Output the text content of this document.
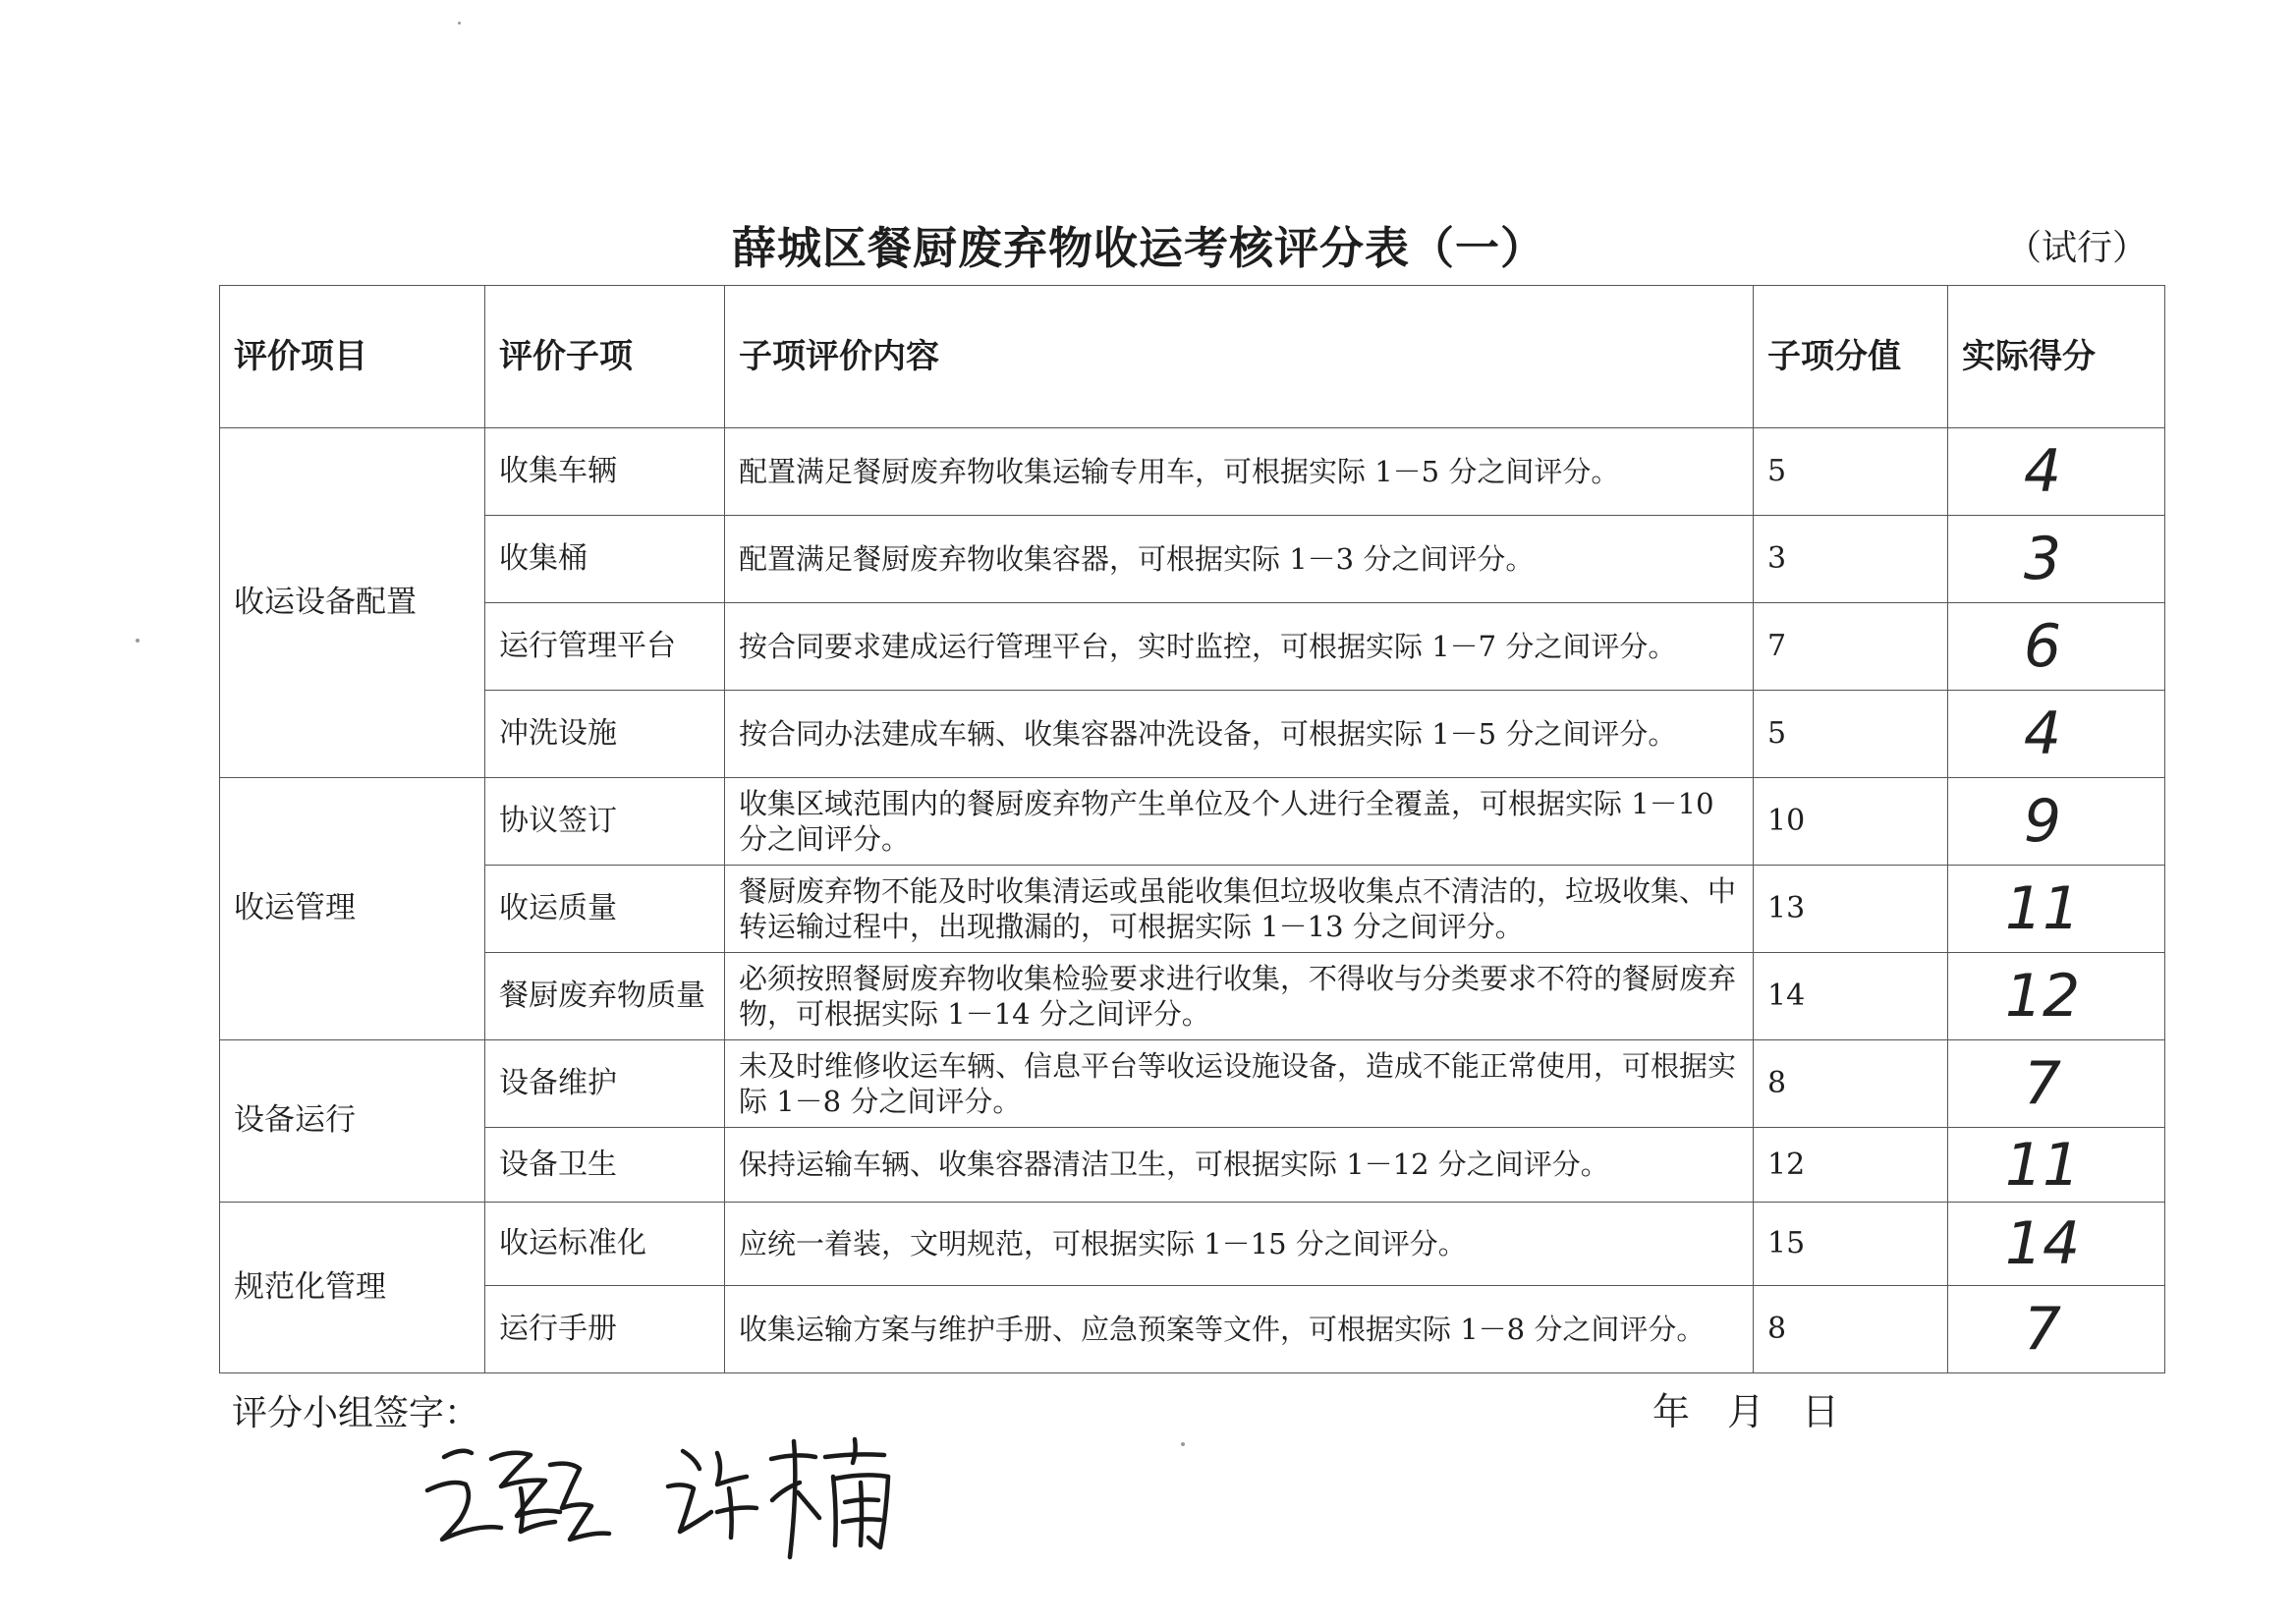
薛城区餐厨废弃物收运考核评分表（一）	（试行）
评价项目	评价子项	子项评价内容	子项分值	实际得分
收运设备配置	收集车辆	配置满足餐厨废弃物收集运输专用车，可根据实际 1－5 分之间评分。	5	4
	收集桶	配置满足餐厨废弃物收集容器，可根据实际 1－3 分之间评分。	3	3
	运行管理平台	按合同要求建成运行管理平台，实时监控，可根据实际 1－7 分之间评分。	7	6
	冲洗设施	按合同办法建成车辆、收集容器冲洗设备，可根据实际 1－5 分之间评分。	5	4
收运管理	协议签订	收集区域范围内的餐厨废弃物产生单位及个人进行全覆盖，可根据实际 1－10 分之间评分。	10	9
	收运质量	餐厨废弃物不能及时收集清运或虽能收集但垃圾收集点不清洁的，垃圾收集、中转运输过程中，出现撒漏的，可根据实际 1－13 分之间评分。	13	11
	餐厨废弃物质量	必须按照餐厨废弃物收集检验要求进行收集，不得收与分类要求不符的餐厨废弃物，可根据实际 1－14 分之间评分。	14	12
设备运行	设备维护	未及时维修收运车辆、信息平台等收运设施设备，造成不能正常使用，可根据实际 1－8 分之间评分。	8	7
	设备卫生	保持运输车辆、收集容器清洁卫生，可根据实际 1－12 分之间评分。	12	11
规范化管理	收运标准化	应统一着装，文明规范，可根据实际 1－15 分之间评分。	15	14
	运行手册	收集运输方案与维护手册、应急预案等文件，可根据实际 1－8 分之间评分。	8	7
评分小组签字：	年　月　日
